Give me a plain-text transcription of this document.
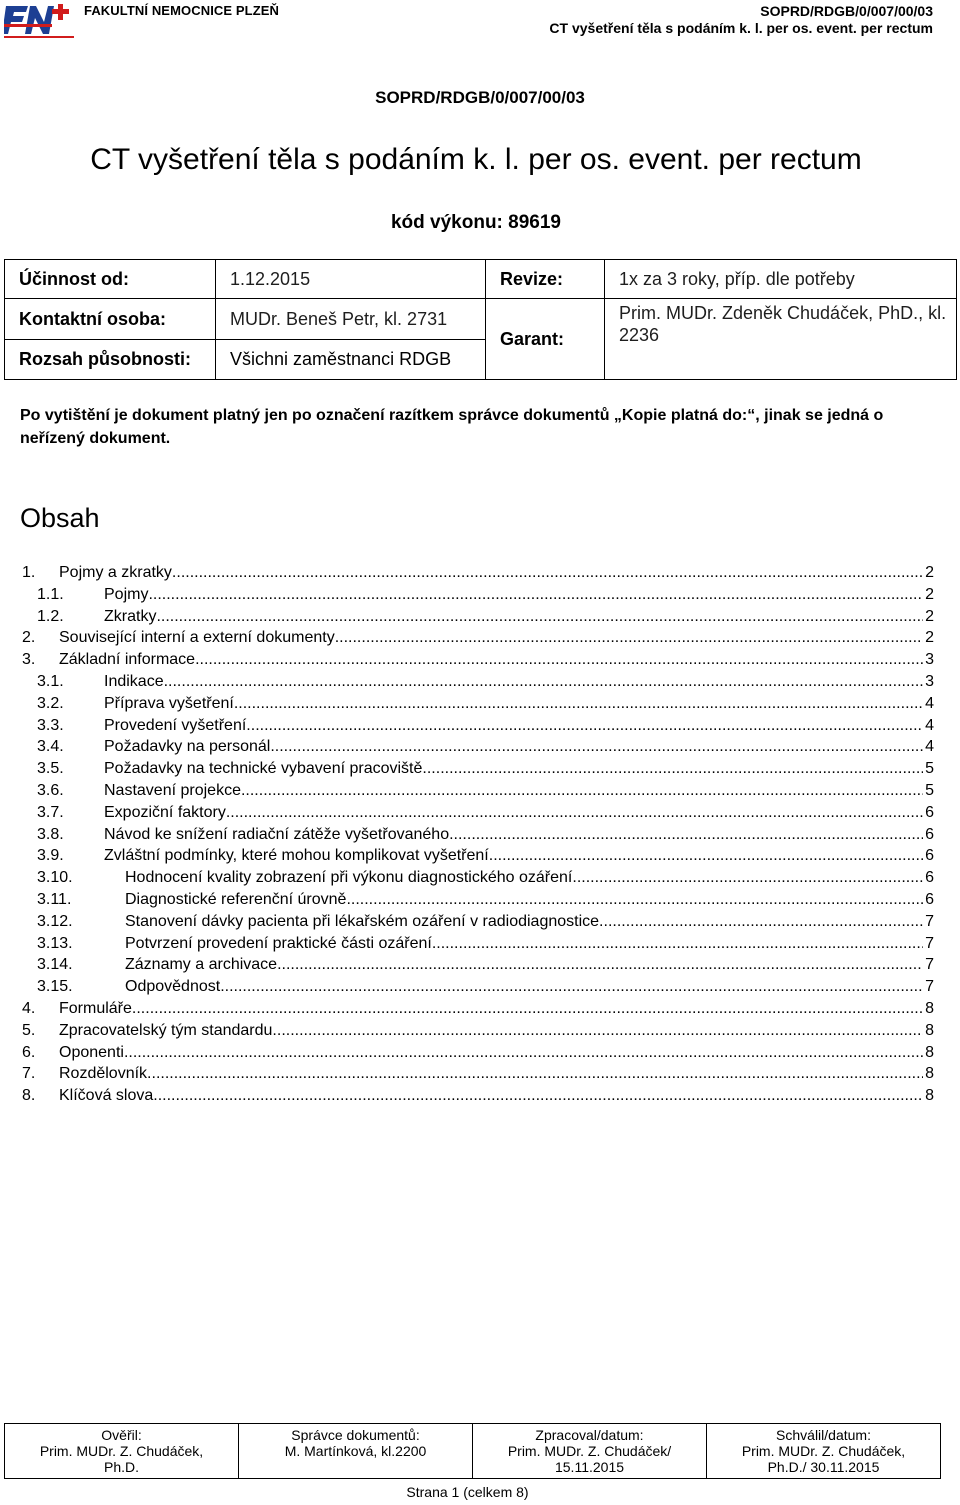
FAKULTNÍ NEMOCNICE PLZEŇ	SOPRD/RDGB/0/007/00/03
CT vyšetření těla s podáním k. l. per os. event. per rectum
SOPRD/RDGB/0/007/00/03
CT vyšetření těla s podáním k. l. per os. event. per rectum
kód výkonu: 89619
Účinnost od:	1.12.2015	Revize:	1x za 3 roky, příp. dle potřeby
Kontaktní osoba:	MUDr. Beneš Petr, kl. 2731	Garant:	Prim. MUDr. Zdeněk Chudáček, PhD., kl. 2236
Rozsah působnosti:	Všichni zaměstnanci RDGB		
Po vytištění je dokument platný jen po označení razítkem správce dokumentů „Kopie platná do:“, jinak se jedná o neřízený dokument.
Obsah
1.	Pojmy a zkratky .....	2
1.1.	Pojmy .....	2
1.2.	Zkratky .....	2
2.	Související interní a externí dokumenty .....	2
3.	Základní informace .....	3
3.1.	Indikace .....	3
3.2.	Příprava vyšetření .....	4
3.3.	Provedení vyšetření .....	4
3.4.	Požadavky na personál .....	4
3.5.	Požadavky na technické vybavení pracoviště .....	5
3.6.	Nastavení projekce .....	5
3.7.	Expoziční faktory .....	6
3.8.	Návod ke snížení radiační zátěže vyšetřovaného .....	6
3.9.	Zvláštní podmínky, které mohou komplikovat vyšetření .....	6
3.10.	Hodnocení kvality zobrazení při výkonu diagnostického ozáření .....	6
3.11.	Diagnostické referenční úrovně .....	6
3.12.	Stanovení dávky pacienta při lékařském ozáření v radiodiagnostice .....	7
3.13.	Potvrzení provedení praktické části ozáření .....	7
3.14.	Záznamy a archivace .....	7
3.15.	Odpovědnost .....	7
4.	Formuláře .....	8
5.	Zpracovatelský tým standardu .....	8
6.	Oponenti .....	8
7.	Rozdělovník .....	8
8.	Klíčová slova .....	8
Ověřil:
Prim. MUDr. Z. Chudáček,
Ph.D.

Správce dokumentů:
M. Martínková, kl.2200

Zpracoval/datum:
Prim. MUDr. Z. Chudáček/
15.11.2015

Schválil/datum:
Prim. MUDr. Z. Chudáček,
Ph.D./ 30.11.2015
Strana 1 (celkem 8)
